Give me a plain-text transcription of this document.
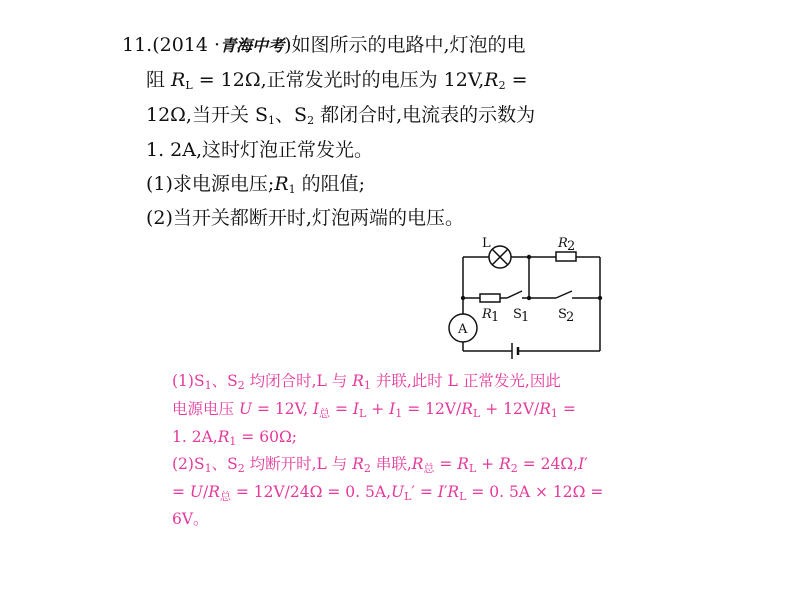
11.(2014 ·青海中考)如图所示的电路中,灯泡的电
阻 $R_L = 12\Omega$,正常发光时的电压为 $12V,R_2$ =
12Ω,当开关 $S_1$、$S_2$ 都闭合时,电流表的示数为
1. 2A,这时灯泡正常发光。
(1)求电源电压$;R_1$ 的阻值;
(2)当开关都断开时,灯泡两端的电压。
L	R 2
R 1 S 1 S 2
A
$(1)S_1$、$S_2$ 均闭合时,L 与 $R_1$ 并联,此时 L 正常发光,因此
电源电压 U = 12V, $I_总 = I_L + I_1 = 12V/R_L + 12V/R_1$ =
1. $2A,R_1 = 60\Omega$;
$(2)S_1$、$S_2$ 均断开时,L 与 $R_2$ 串联$,R_总 = R_L + R_2 = 24\Omega,I'$
= $U/R_总 = 12V/24\Omega = 0$. $5A,U_L' = I'R_L = 0$. 5A × 12Ω =
6V。
